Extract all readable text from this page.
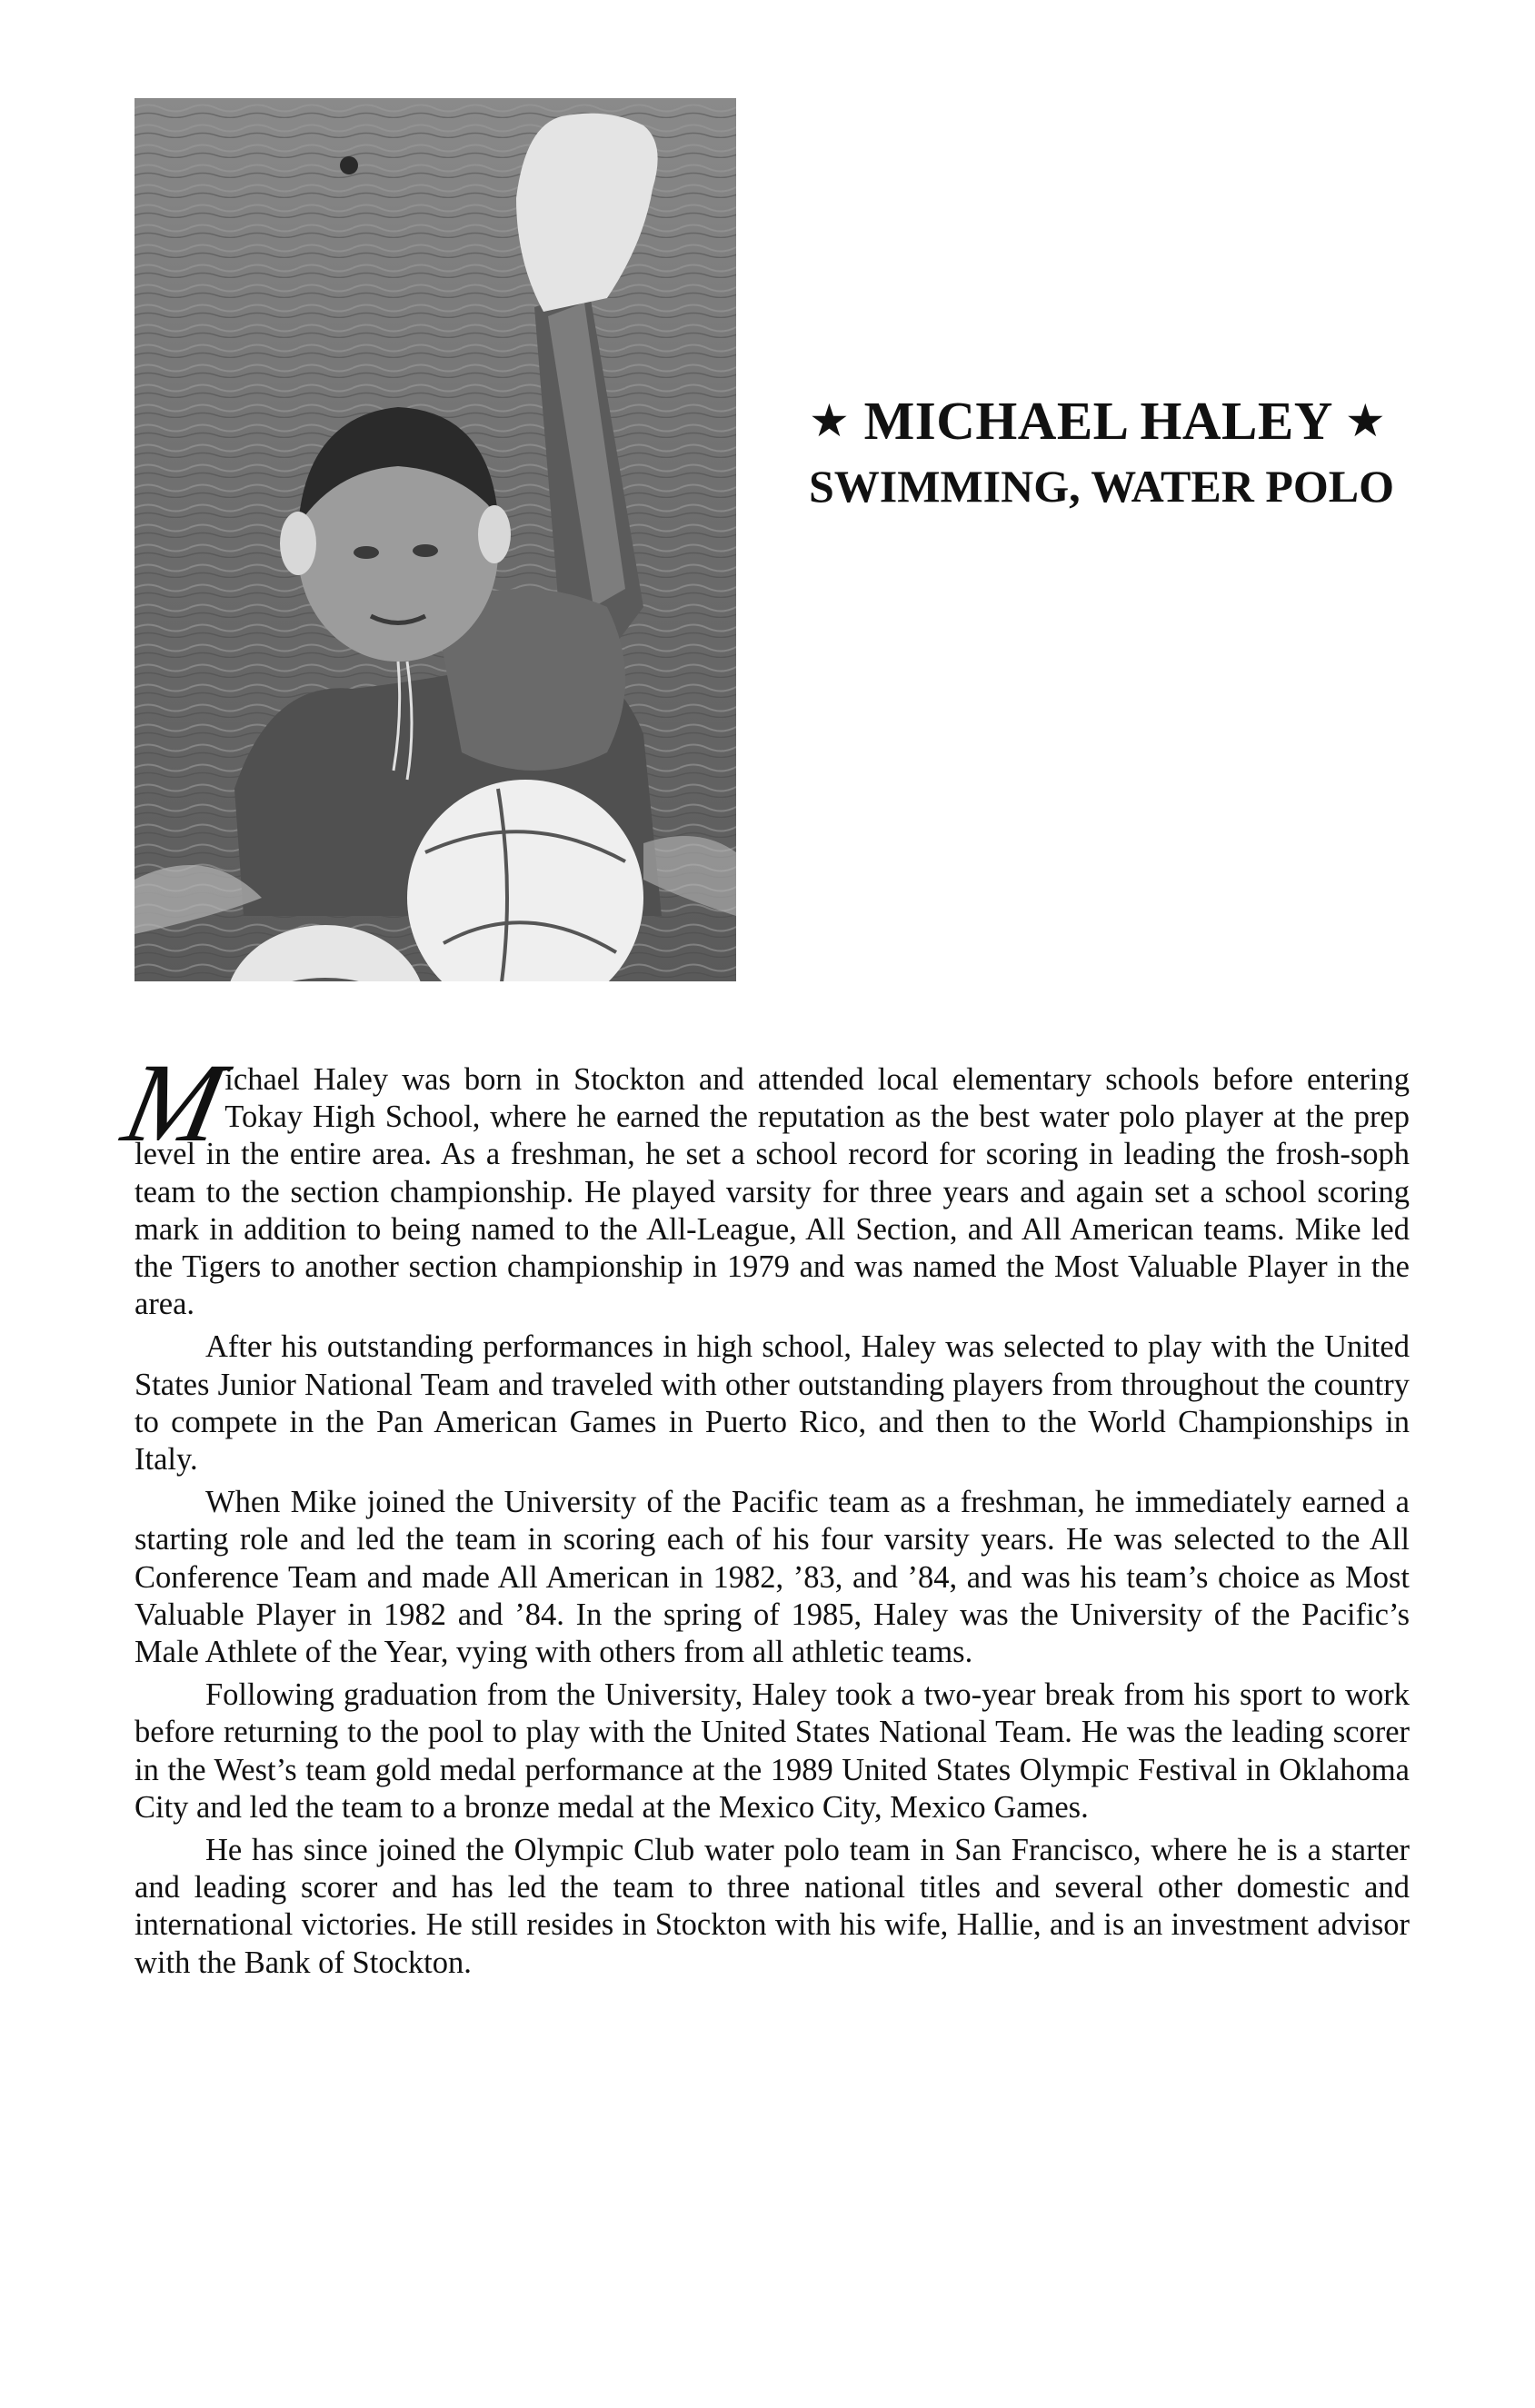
★ MICHAEL HALEY ★
SWIMMING, WATER POLO

M
ichael Haley was born in Stockton and attended local elementary schools before entering Tokay High School, where he earned the reputation as the best water polo player at the prep level in the entire area. As a freshman, he set a school record for scoring in leading the frosh-soph team to the section championship. He played varsity for three years and again set a school scoring mark in addition to being named to the All-League, All Section, and All American teams. Mike led the Tigers to another section championship in 1979 and was named the Most Valuable Player in the area.

After his outstanding performances in high school, Haley was selected to play with the United States Junior National Team and traveled with other outstanding players from throughout the country to compete in the Pan American Games in Puerto Rico, and then to the World Championships in Italy.

When Mike joined the University of the Pacific team as a freshman, he immediately earned a starting role and led the team in scoring each of his four varsity years. He was selected to the All Conference Team and made All American in 1982, ’83, and ’84, and was his team’s choice as Most Valuable Player in 1982 and ’84. In the spring of 1985, Haley was the University of the Pacific’s Male Athlete of the Year, vying with others from all athletic teams.

Following graduation from the University, Haley took a two-year break from his sport to work before returning to the pool to play with the United States National Team. He was the leading scorer in the West’s team gold medal performance at the 1989 United States Olympic Festival in Oklahoma City and led the team to a bronze medal at the Mexico City, Mexico Games.

He has since joined the Olympic Club water polo team in San Francisco, where he is a starter and leading scorer and has led the team to three national titles and several other domestic and international victories. He still resides in Stockton with his wife, Hallie, and is an investment advisor with the Bank of Stockton.
